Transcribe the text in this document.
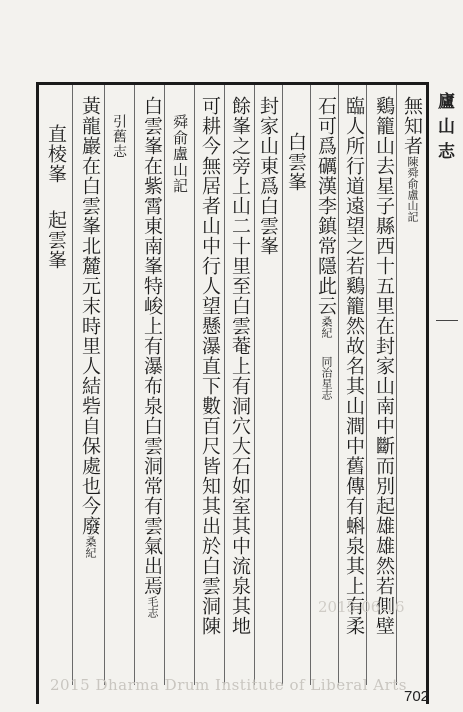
無知者陳舜俞盧山記
鷄籠山去星子縣西十五里在封家山南中斷而別起雄雄然若側壁
臨人所行道遠望之若鷄籠然故名其山澗中舊傳有蝌泉其上有柔
石可爲礪漢李鎮常隱此云桑紀同治星志
白雲峯
封家山東爲白雲峯
餘峯之旁上山二十里至白雲菴上有洞穴大石如室其中流泉其地
可耕今無居者山中行人望懸瀑直下數百尺皆知其出於白雲洞陳
舜俞盧山記
白雲峯在紫霄東南峯特峻上有瀑布泉白雲洞常有雲氣出焉毛志
引舊志
黃龍巖在白雲峯北麓元末時里人結砦自保處也今廢桑紀
直棱峯起雲峯
廬山志
2015-06-16
2015 Dharma Drum Institute of Liberal Arts
702
